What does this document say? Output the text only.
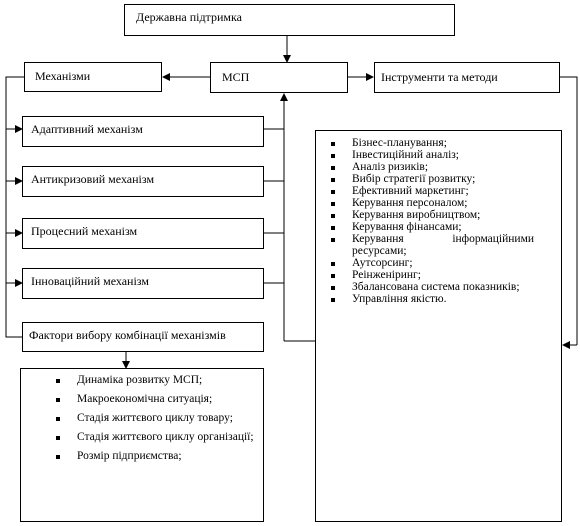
Державна підтримка
МСП
Механізми	Інструменти та методи
Адаптивний механізм
Антикризовий механізм
Процесний механізм
Інноваційний механізм
Фактори вибору комбінації механізмів
Динаміка розвитку МСП;
Макроекономічна ситуація;
Стадія життєвого циклу товару;
Стадія життєвого циклу організації;
Розмір підприємства;
Бізнес-планування;
Інвестиційний аналіз;
Аналіз ризиків;
Вибір стратегії розвитку;
Ефективний маркетинг;
Керування персоналом;
Керування виробництвом;
Керування фінансами;
Керування інформаційними ресурсами;
Аутсорсинг;
Реінженіринг;
Збалансована система показників;
Управління якістю.
